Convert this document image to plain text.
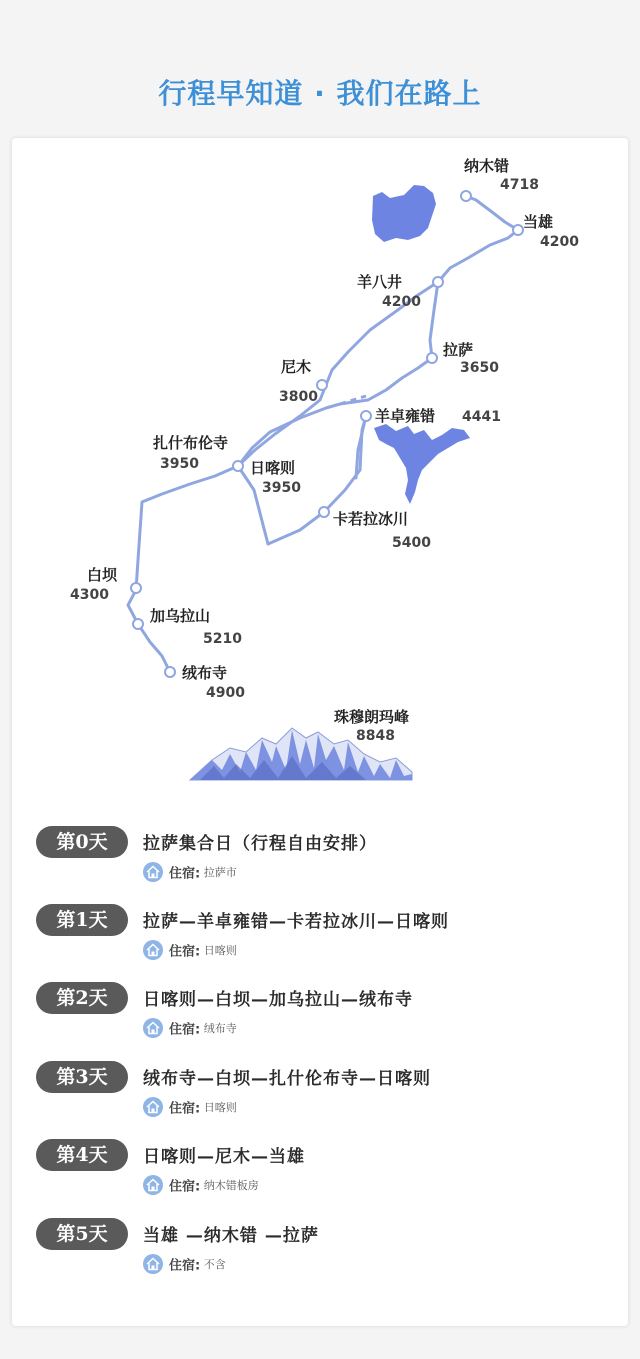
行程早知道 · 我们在路上
纳木错
4718
当雄
4200
羊八井
4200
拉萨
3650
尼木
3800
羊卓雍错 4441
扎什布伦寺
3950	日喀则
3950
卡若拉冰川
5400
白坝
4300
加乌拉山
5210
绒布寺
4900
珠穆朗玛峰
8848
第0天	拉萨集合日（行程自由安排）
住宿: 拉萨市
第1天	拉萨—羊卓雍错—卡若拉冰川—日喀则
住宿: 日喀则
第2天	日喀则—白坝—加乌拉山—绒布寺
住宿: 绒布寺
第3天	绒布寺—白坝—扎什伦布寺—日喀则
住宿: 日喀则
第4天	日喀则—尼木—当雄
住宿: 纳木错板房
第5天	当雄 —纳木错 —拉萨
住宿: 不含
